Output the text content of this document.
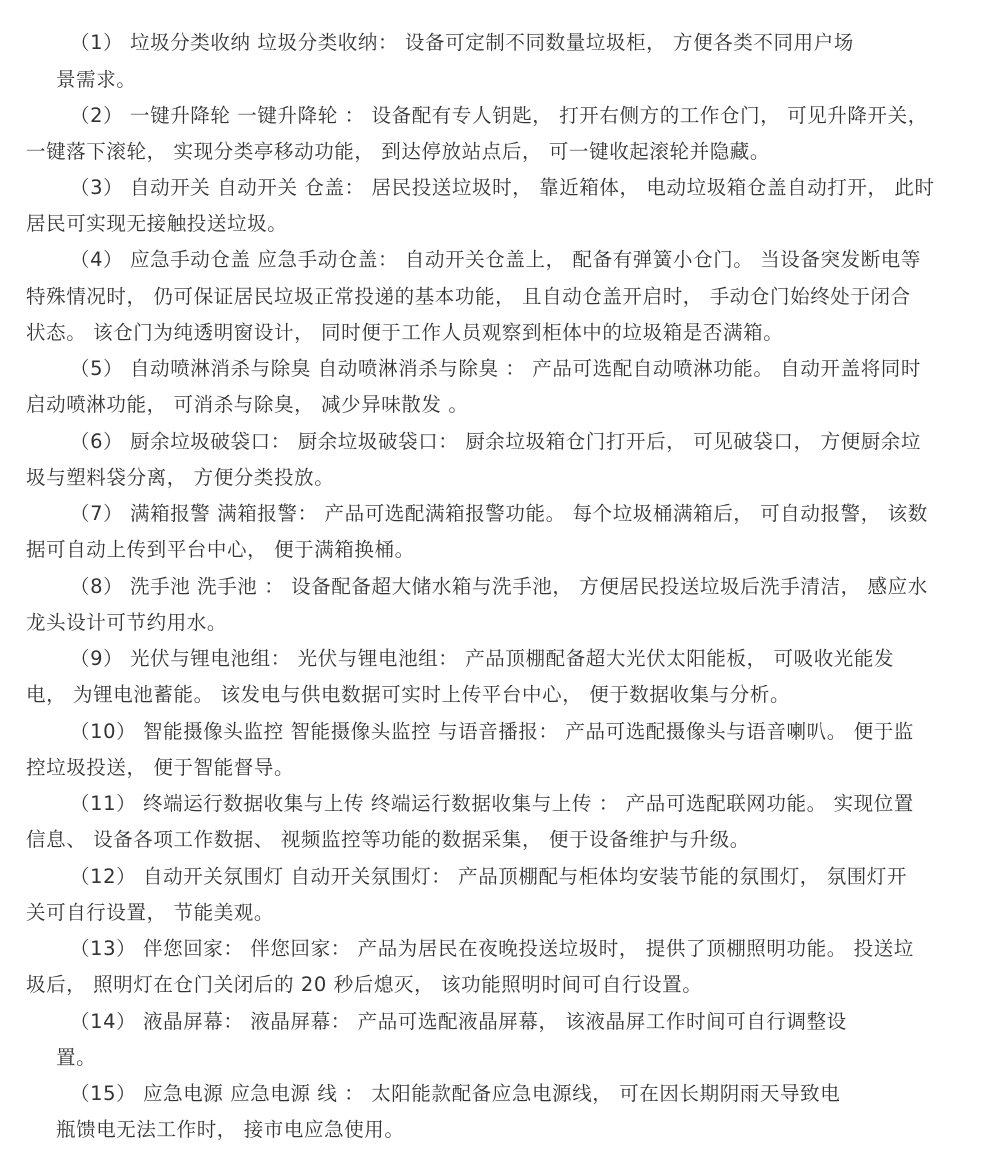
（1） 垃圾分类收纳 垃圾分类收纳： 设备可定制不同数量垃圾柜， 方便各类不同用户场
景需求。
（2） 一键升降轮 一键升降轮 ： 设备配有专人钥匙， 打开右侧方的工作仓门， 可见升降开关，
一键落下滚轮， 实现分类亭移动功能， 到达停放站点后， 可一键收起滚轮并隐藏。
（3） 自动开关 自动开关 仓盖： 居民投送垃圾时， 靠近箱体， 电动垃圾箱仓盖自动打开， 此时
居民可实现无接触投送垃圾。
（4） 应急手动仓盖 应急手动仓盖： 自动开关仓盖上， 配备有弹簧小仓门。 当设备突发断电等
特殊情况时， 仍可保证居民垃圾正常投递的基本功能， 且自动仓盖开启时， 手动仓门始终处于闭合
状态。 该仓门为纯透明窗设计， 同时便于工作人员观察到柜体中的垃圾箱是否满箱。
（5） 自动喷淋消杀与除臭 自动喷淋消杀与除臭 ： 产品可选配自动喷淋功能。 自动开盖将同时
启动喷淋功能， 可消杀与除臭， 减少异味散发 。
（6） 厨余垃圾破袋口： 厨余垃圾破袋口： 厨余垃圾箱仓门打开后， 可见破袋口， 方便厨余垃
圾与塑料袋分离， 方便分类投放。
（7） 满箱报警 满箱报警： 产品可选配满箱报警功能。 每个垃圾桶满箱后， 可自动报警， 该数
据可自动上传到平台中心， 便于满箱换桶。
（8） 洗手池 洗手池 ： 设备配备超大储水箱与洗手池， 方便居民投送垃圾后洗手清洁， 感应水
龙头设计可节约用水。
（9） 光伏与锂电池组： 光伏与锂电池组： 产品顶棚配备超大光伏太阳能板， 可吸收光能发
电， 为锂电池蓄能。 该发电与供电数据可实时上传平台中心， 便于数据收集与分析。
（10） 智能摄像头监控 智能摄像头监控 与语音播报： 产品可选配摄像头与语音喇叭。 便于监
控垃圾投送， 便于智能督导。
（11） 终端运行数据收集与上传 终端运行数据收集与上传 ： 产品可选配联网功能。 实现位置
信息、 设备各项工作数据、 视频监控等功能的数据采集， 便于设备维护与升级。
（12） 自动开关氛围灯 自动开关氛围灯： 产品顶棚配与柜体均安装节能的氛围灯， 氛围灯开
关可自行设置， 节能美观。
（13） 伴您回家： 伴您回家： 产品为居民在夜晚投送垃圾时， 提供了顶棚照明功能。 投送垃
圾后， 照明灯在仓门关闭后的 20 秒后熄灭， 该功能照明时间可自行设置。
（14） 液晶屏幕： 液晶屏幕： 产品可选配液晶屏幕， 该液晶屏工作时间可自行调整设
置。
（15） 应急电源 应急电源 线 ： 太阳能款配备应急电源线， 可在因长期阴雨天导致电
瓶馈电无法工作时， 接市电应急使用。
